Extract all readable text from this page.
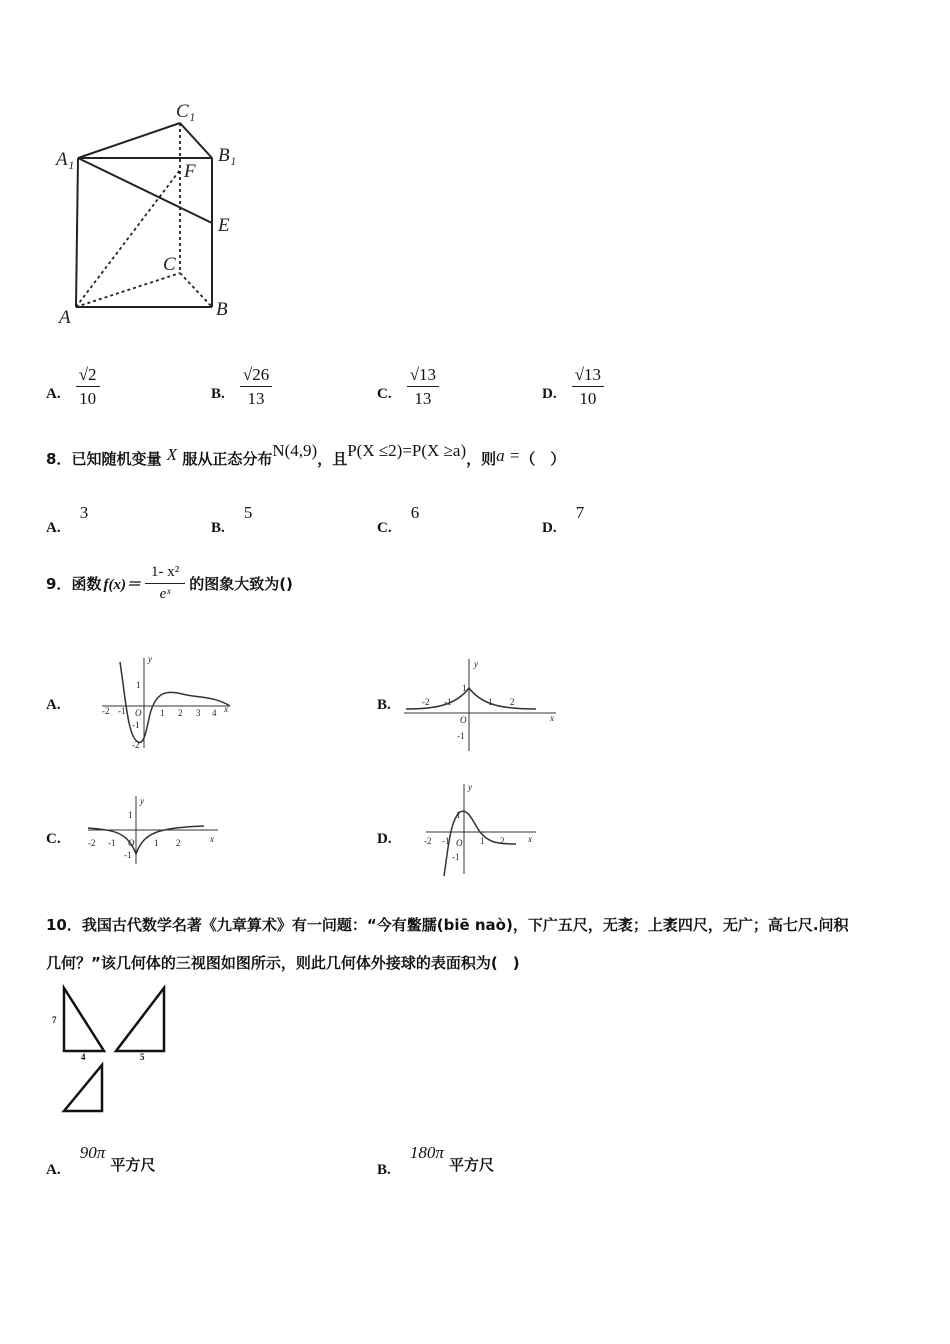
C₁
A₁	B₁
F
E
C
A	B
A. $\frac{√2}{10}$	B. $\frac{√26}{13}$	C. $\frac{√13}{13}$	D. $\frac{√13}{10}$
8．已知随机变量 X 服从正态分布N(4,9)，且P(X ≤2)=P(X ≥a)，则a =（　）
A. 3
B. 5
C. 6
D. 7
9． 函数 $f(x)= \frac{\text{1- x²}}{\text{eˣ}}$ 的图象大致为()
A.	-2 -1 O 1 2 3 4 x
y
1
-1
-2
B.	-2 -1
O
1 2
x
y
1
-1
C.	-2 -1 O 1 2	x
y
1
-1
D.	-2 -1 O 1 2	x
y
1
-1
10．我国古代数学名著《九章算术》有一问题：“今有鳖臑(biē naò)，下广五尺，无袤；上袤四尺，无广；高七尺.问积
几何？”该几何体的三视图如图所示，则此几何体外接球的表面积为(　)
7
4	5
A. 90π 平方尺	B. 180π 平方尺
